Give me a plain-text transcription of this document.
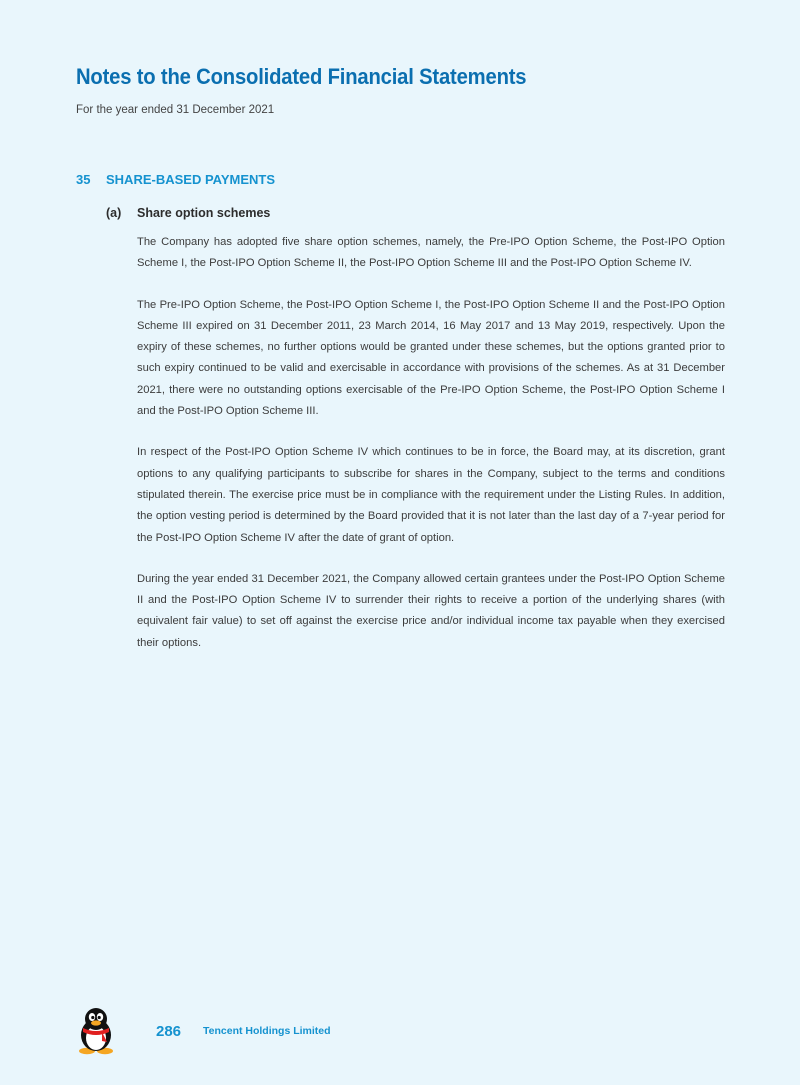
Notes to the Consolidated Financial Statements
For the year ended 31 December 2021
35 SHARE-BASED PAYMENTS
(a) Share option schemes

The Company has adopted five share option schemes, namely, the Pre-IPO Option Scheme, the Post-IPO Option Scheme I, the Post-IPO Option Scheme II, the Post-IPO Option Scheme III and the Post-IPO Option Scheme IV.

The Pre-IPO Option Scheme, the Post-IPO Option Scheme I, the Post-IPO Option Scheme II and the Post-IPO Option Scheme III expired on 31 December 2011, 23 March 2014, 16 May 2017 and 13 May 2019, respectively. Upon the expiry of these schemes, no further options would be granted under these schemes, but the options granted prior to such expiry continued to be valid and exercisable in accordance with provisions of the schemes. As at 31 December 2021, there were no outstanding options exercisable of the Pre-IPO Option Scheme, the Post-IPO Option Scheme I and the Post-IPO Option Scheme III.

In respect of the Post-IPO Option Scheme IV which continues to be in force, the Board may, at its discretion, grant options to any qualifying participants to subscribe for shares in the Company, subject to the terms and conditions stipulated therein. The exercise price must be in compliance with the requirement under the Listing Rules. In addition, the option vesting period is determined by the Board provided that it is not later than the last day of a 7-year period for the Post-IPO Option Scheme IV after the date of grant of option.

During the year ended 31 December 2021, the Company allowed certain grantees under the Post-IPO Option Scheme II and the Post-IPO Option Scheme IV to surrender their rights to receive a portion of the underlying shares (with equivalent fair value) to set off against the exercise price and/or individual income tax payable when they exercised their options.

286 Tencent Holdings Limited
